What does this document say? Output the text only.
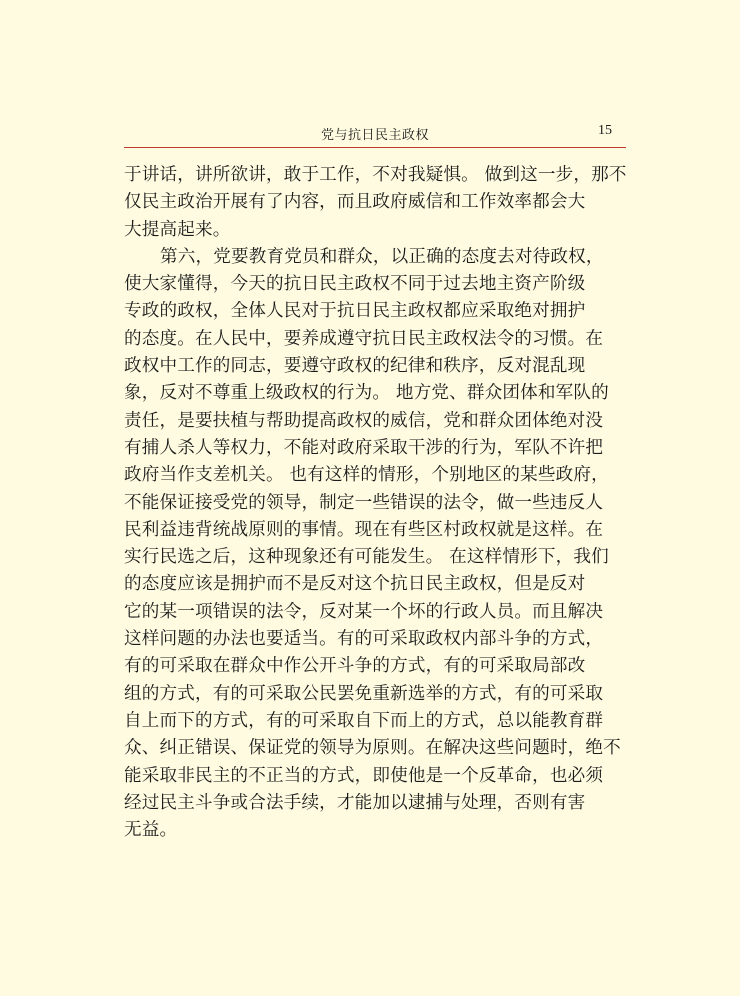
党与抗日民主政权	15
于讲话，讲所欲讲，敢于工作，不对我疑惧。 做到这一步，那不
仅民主政治开展有了内容，而且政府威信和工作效率都会大
大提高起来。
第六，党要教育党员和群众，以正确的态度去对待政权，
使大家懂得，今天的抗日民主政权不同于过去地主资产阶级
专政的政权，全体人民对于抗日民主政权都应采取绝对拥护
的态度。在人民中，要养成遵守抗日民主政权法令的习惯。在
政权中工作的同志，要遵守政权的纪律和秩序，反对混乱现
象，反对不尊重上级政权的行为。 地方党、群众团体和军队的
责任，是要扶植与帮助提高政权的威信，党和群众团体绝对没
有捕人杀人等权力，不能对政府采取干涉的行为，军队不许把
政府当作支差机关。 也有这样的情形，个别地区的某些政府，
不能保证接受党的领导，制定一些错误的法令，做一些违反人
民利益违背统战原则的事情。现在有些区村政权就是这样。在
实行民选之后，这种现象还有可能发生。 在这样情形下，我们
的态度应该是拥护而不是反对这个抗日民主政权，但是反对
它的某一项错误的法令，反对某一个坏的行政人员。而且解决
这样问题的办法也要适当。有的可采取政权内部斗争的方式，
有的可采取在群众中作公开斗争的方式，有的可采取局部改
组的方式，有的可采取公民罢免重新选举的方式，有的可采取
自上而下的方式，有的可采取自下而上的方式，总以能教育群
众、纠正错误、保证党的领导为原则。在解决这些问题时，绝不
能采取非民主的不正当的方式，即使他是一个反革命，也必须
经过民主斗争或合法手续，才能加以逮捕与处理，否则有害
无益。
